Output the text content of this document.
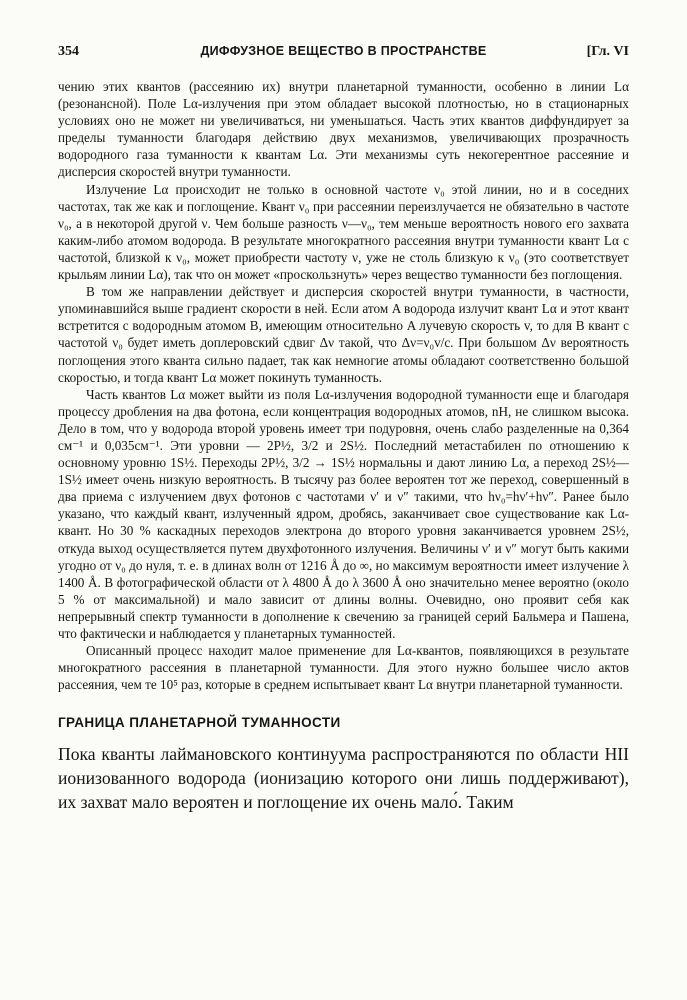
354	ДИФФУЗНОЕ ВЕЩЕСТВО В ПРОСТРАНСТВЕ	[Гл. VI

чению этих квантов (рассеянию их) внутри планетарной туманности, особенно в линии Lα (резонансной). Поле Lα-излучения при этом обладает высокой плотностью, но в стационарных условиях оно не может ни увеличиваться, ни уменьшаться. Часть этих квантов диффундирует за пределы туманности благодаря действию двух механизмов, увеличивающих прозрачность водородного газа туманности к квантам Lα. Эти механизмы суть некогерентное рассеяние и дисперсия скоростей внутри туманности.

Излучение Lα происходит не только в основной частоте ν₀ этой линии, но и в соседних частотах, так же как и поглощение. Квант ν₀ при рассеянии переизлучается не обязательно в частоте ν₀, а в некоторой другой ν. Чем больше разность ν—ν₀, тем меньше вероятность нового его захвата каким-либо атомом водорода. В результате многократного рассеяния внутри туманности квант Lα с частотой, близкой к ν₀, может приобрести частоту ν, уже не столь близкую к ν₀ (это соответствует крыльям линии Lα), так что он может «проскользнуть» через вещество туманности без поглощения.

В том же направлении действует и дисперсия скоростей внутри туманности, в частности, упоминавшийся выше градиент скорости в ней. Если атом A водорода излучит квант Lα и этот квант встретится с водородным атомом B, имеющим относительно A лучевую скорость v, то для B квант с частотой ν₀ будет иметь доплеровский сдвиг Δν такой, что Δν=ν₀v/c. При большом Δν вероятность поглощения этого кванта сильно падает, так как немногие атомы обладают соответственно большой скоростью, и тогда квант Lα может покинуть туманность.

Часть квантов Lα может выйти из поля Lα-излучения водородной туманности еще и благодаря процессу дробления на два фотона, если концентрация водородных атомов, nH, не слишком высока. Дело в том, что у водорода второй уровень имеет три подуровня, очень слабо разделенные на 0,364 см⁻¹ и 0,035см⁻¹. Эти уровни — 2P½, 3/2 и 2S½. Последний метастабилен по отношению к основному уровню 1S½. Переходы 2P½, 3/2 → 1S½ нормальны и дают линию Lα, а переход 2S½—1S½ имеет очень низкую вероятность. В тысячу раз более вероятен тот же переход, совершенный в два приема с излучением двух фотонов с частотами ν′ и ν″ такими, что hν₀=hν′+hν″. Ранее было указано, что каждый квант, излученный ядром, дробясь, заканчивает свое существование как Lα-квант. Но 30 % каскадных переходов электрона до второго уровня заканчивается уровнем 2S½, откуда выход осуществляется путем двухфотонного излучения. Величины ν′ и ν″ могут быть какими угодно от ν₀ до нуля, т. е. в длинах волн от 1216 Å до ∞, но максимум вероятности имеет излучение λ 1400 Å. В фотографической области от λ 4800 Å до λ 3600 Å оно значительно менее вероятно (около 5 % от максимальной) и мало зависит от длины волны. Очевидно, оно проявит себя как непрерывный спектр туманности в дополнение к свечению за границей серий Бальмера и Пашена, что фактически и наблюдается у планетарных туманностей.

Описанный процесс находит малое применение для Lα-квантов, появляющихся в результате многократного рассеяния в планетарной туманности. Для этого нужно большее число актов рассеяния, чем те 10⁵ раз, которые в среднем испытывает квант Lα внутри планетарной туманности.

ГРАНИЦА ПЛАНЕТАРНОЙ ТУМАННОСТИ

Пока кванты лаймановского континуума распространяются по области HII ионизованного водорода (ионизацию которого они лишь поддерживают), их захват мало вероятен и поглощение их очень мало́. Таким
